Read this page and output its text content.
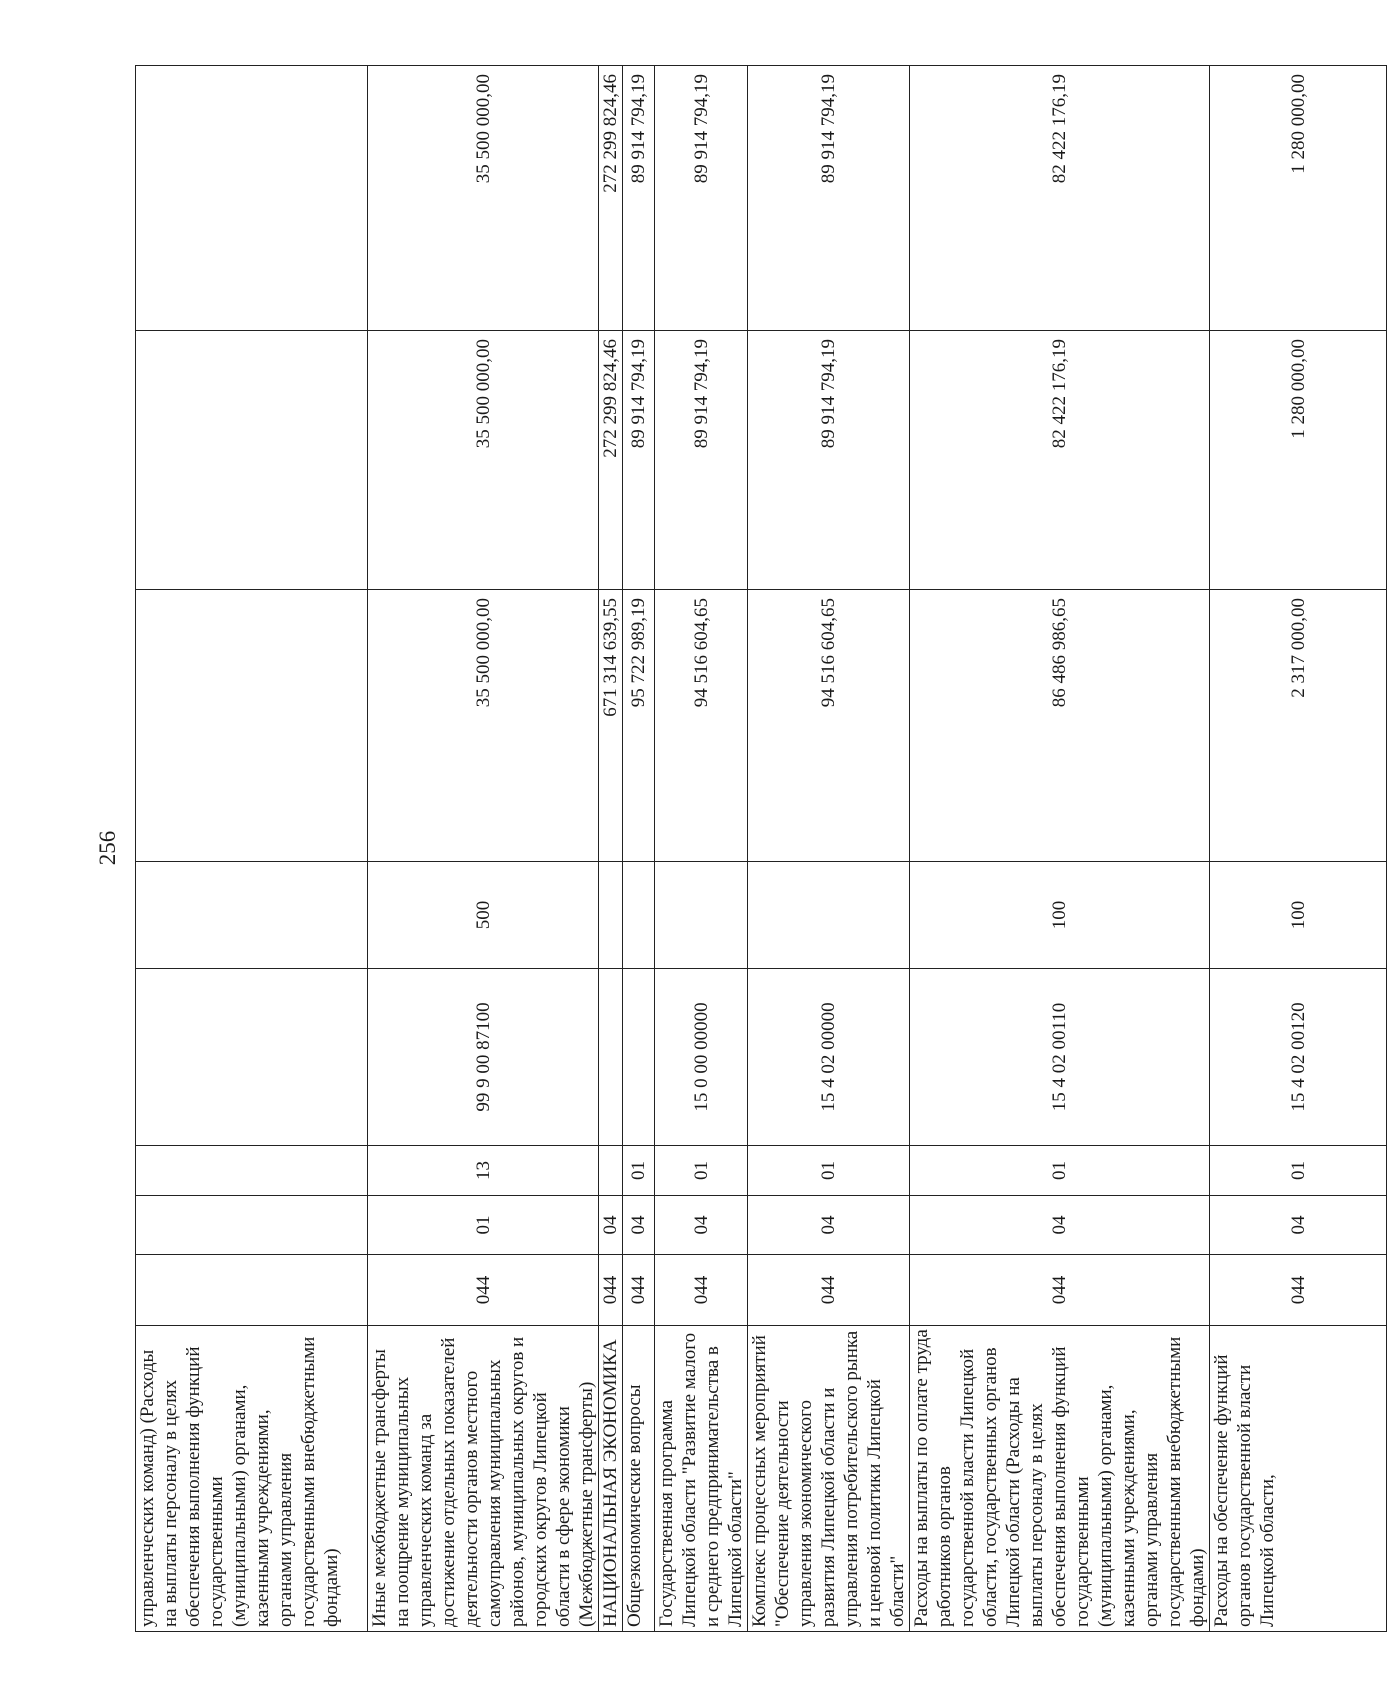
256
управленческих команд) (Расходы на выплаты персоналу в целях обеспечения выполнения функций государственными (муниципальными) органами, казенными учреждениями, органами управления государственными внебюджетными фондами)								
Иные межбюджетные трансферты на поощрение муниципальных управленческих команд за достижение отдельных показателей деятельности органов местного самоуправления муниципальных районов, муниципальных округов и городских округов Липецкой области в сфере экономики (Межбюджетные трансферты)	044	01	13	99 9 00 87100	500	35 500 000,00	35 500 000,00	35 500 000,00
НАЦИОНАЛЬНАЯ ЭКОНОМИКА	044	04				671 314 639,55	272 299 824,46	272 299 824,46
Общеэкономические вопросы	044	04	01			95 722 989,19	89 914 794,19	89 914 794,19
Государственная программа Липецкой области "Развитие малого и среднего предпринимательства в Липецкой области"	044	04	01	15 0 00 00000		94 516 604,65	89 914 794,19	89 914 794,19
Комплекс процессных мероприятий "Обеспечение деятельности управления экономического развития Липецкой области и управления потребительского рынка и ценовой политики Липецкой области"	044	04	01	15 4 02 00000		94 516 604,65	89 914 794,19	89 914 794,19
Расходы на выплаты по оплате труда работников органов государственной власти Липецкой области, государственных органов Липецкой области (Расходы на выплаты персоналу в целях обеспечения выполнения функций государственными (муниципальными) органами, казенными учреждениями, органами управления государственными внебюджетными фондами)	044	04	01	15 4 02 00110	100	86 486 986,65	82 422 176,19	82 422 176,19
Расходы на обеспечение функций органов государственной власти Липецкой области,	044	04	01	15 4 02 00120	100	2 317 000,00	1 280 000,00	1 280 000,00
